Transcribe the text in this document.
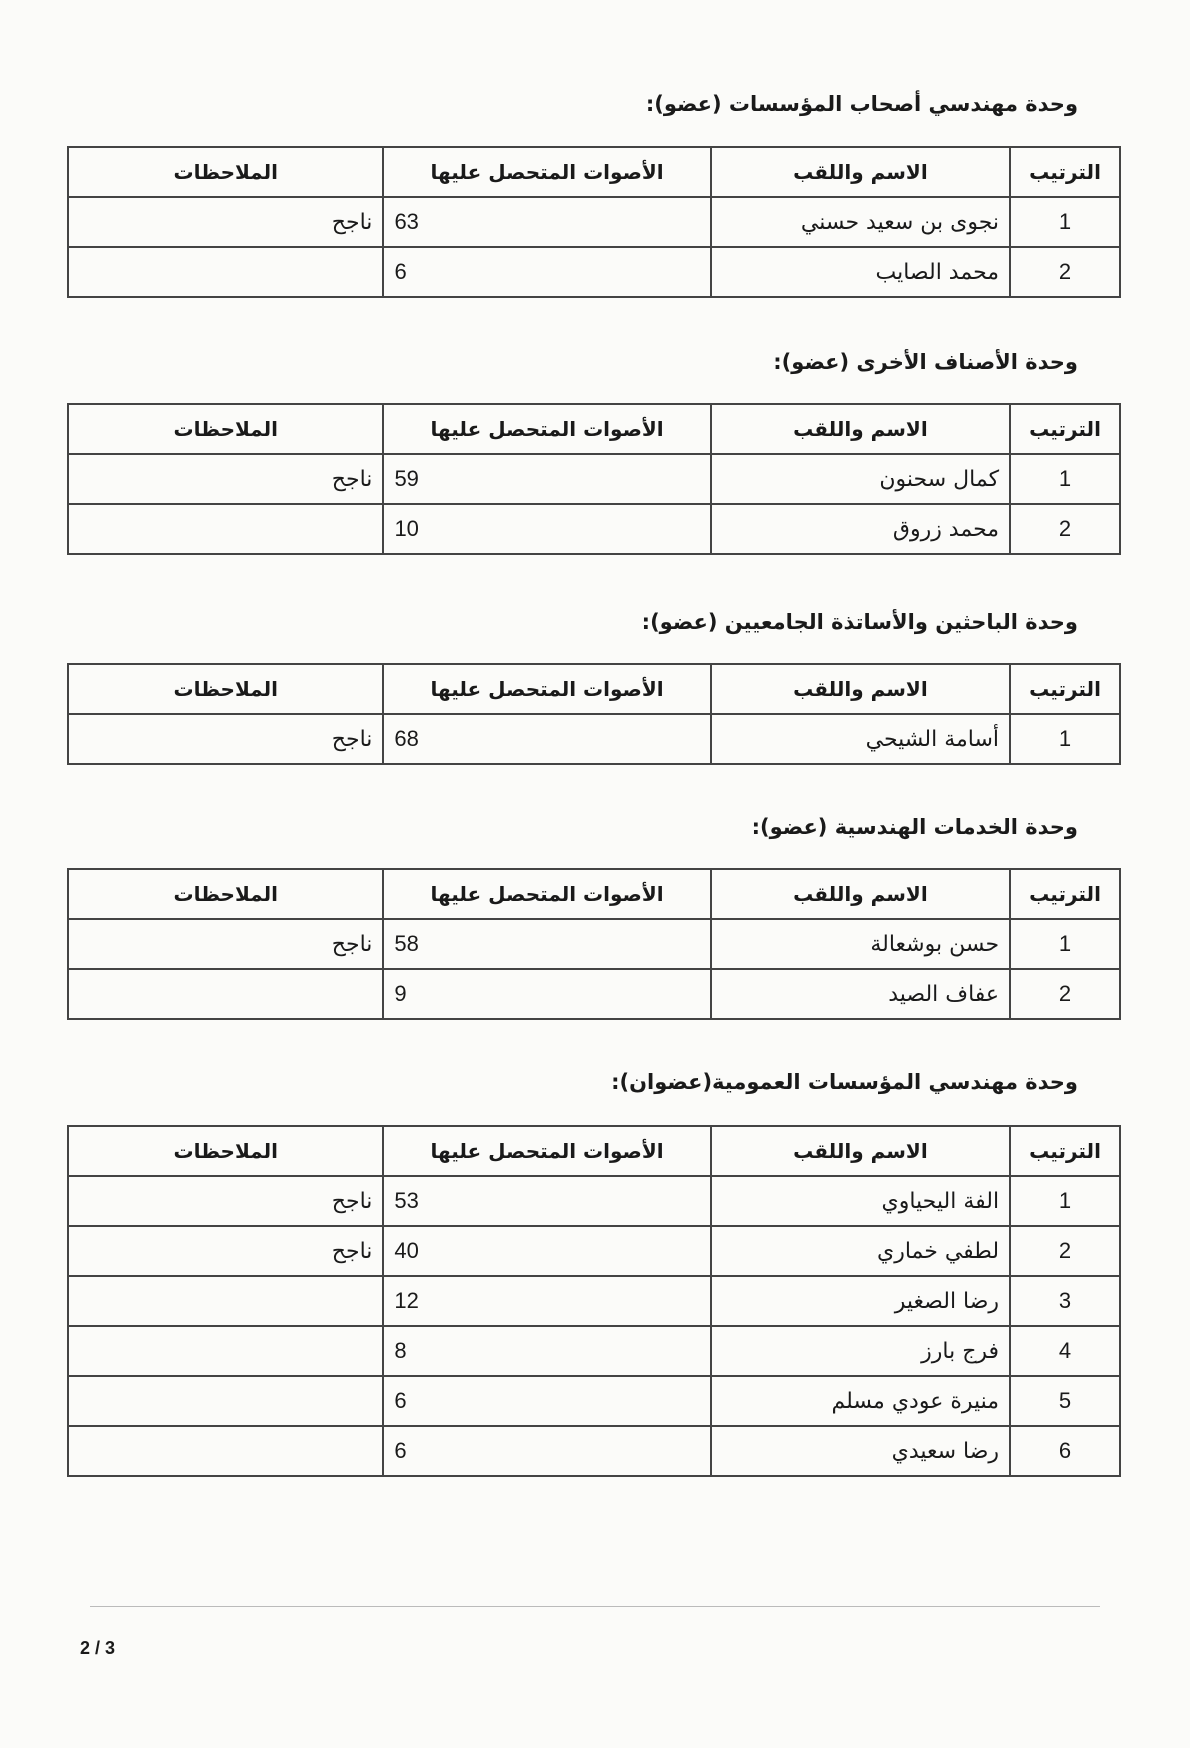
وحدة مهندسي أصحاب المؤسسات (عضو):
الترتيب	الاسم واللقب	الأصوات المتحصل عليها	الملاحظات
1	نجوى بن سعيد حسني	63	ناجح
2	محمد الصايب	6	
وحدة الأصناف الأخرى (عضو):
الترتيب	الاسم واللقب	الأصوات المتحصل عليها	الملاحظات
1	كمال سحنون	59	ناجح
2	محمد زروق	10	
وحدة الباحثين والأساتذة الجامعيين (عضو):
الترتيب	الاسم واللقب	الأصوات المتحصل عليها	الملاحظات
1	أسامة الشيحي	68	ناجح
وحدة الخدمات الهندسية (عضو):
الترتيب	الاسم واللقب	الأصوات المتحصل عليها	الملاحظات
1	حسن بوشعالة	58	ناجح
2	عفاف الصيد	9	
وحدة مهندسي المؤسسات العمومية(عضوان):
الترتيب	الاسم واللقب	الأصوات المتحصل عليها	الملاحظات
1	الفة اليحياوي	53	ناجح
2	لطفي خماري	40	ناجح
3	رضا الصغير	12	
4	فرج بارز	8	
5	منيرة عودي مسلم	6	
6	رضا سعيدي	6	
2 / 3
